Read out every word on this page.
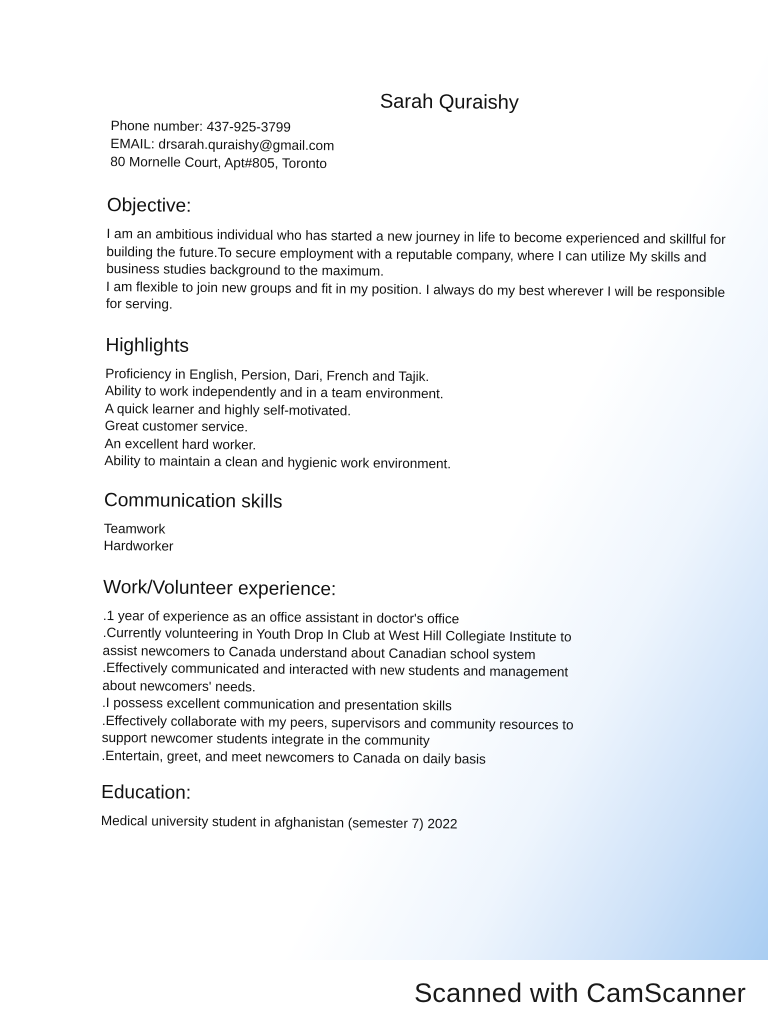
Sarah Quraishy

Phone number: 437-925-3799

EMAIL: drsarah.quraishy@gmail.com

80 Mornelle Court, Apt#805, Toronto

Objective:

I am an ambitious individual who has started a new journey in life to become experienced and skillful for building the future.To secure employment with a reputable company, where I can utilize My skills and business studies background to the maximum.

I am flexible to join new groups and fit in my position. I always do my best wherever I will be responsible for serving.

Highlights

Proficiency in English, Persion, Dari, French and Tajik.

Ability to work independently and in a team environment.

A quick learner and highly self-motivated.

Great customer service.

An excellent hard worker.

Ability to maintain a clean and hygienic work environment.

Communication skills

Teamwork

Hardworker

Work/Volunteer experience:

.1 year of experience as an office assistant in doctor's office

.Currently volunteering in Youth Drop In Club at West Hill Collegiate Institute to

assist newcomers to Canada understand about Canadian school system

.Effectively communicated and interacted with new students and management

about newcomers' needs.

.I possess excellent communication and presentation skills

.Effectively collaborate with my peers, supervisors and community resources to

support newcomer students integrate in the community

.Entertain, greet, and meet newcomers to Canada on daily basis

Education:

Medical university student in afghanistan (semester 7) 2022

Scanned with CamScanner
